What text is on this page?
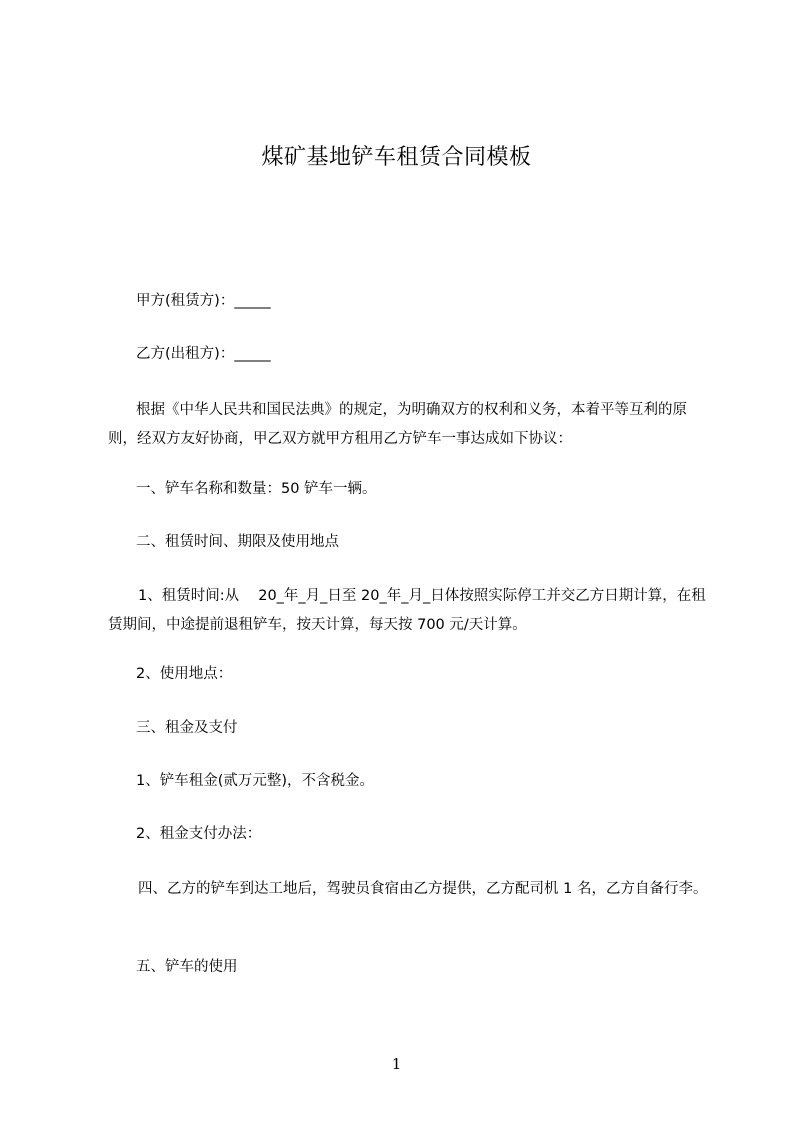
煤矿基地铲车租赁合同模板

甲方(租赁方)：_____

乙方(出租方)：_____

根据《中华人民共和国民法典》的规定，为明确双方的权利和义务，本着平等互利的原则，经双方友好协商，甲乙双方就甲方租用乙方铲车一事达成如下协议：

一、铲车名称和数量：50 铲车一辆。

二、租赁时间、期限及使用地点

1、租赁时间:从　 20_年_月_日至 20_年_月_日体按照实际停工并交乙方日期计算，在租赁期间，中途提前退租铲车，按天计算，每天按 700 元/天计算。

2、使用地点：

三、租金及支付

1、铲车租金(贰万元整)，不含税金。

2、租金支付办法：

四、乙方的铲车到达工地后，驾驶员食宿由乙方提供，乙方配司机 1 名，乙方自备行李。

五、铲车的使用

1
